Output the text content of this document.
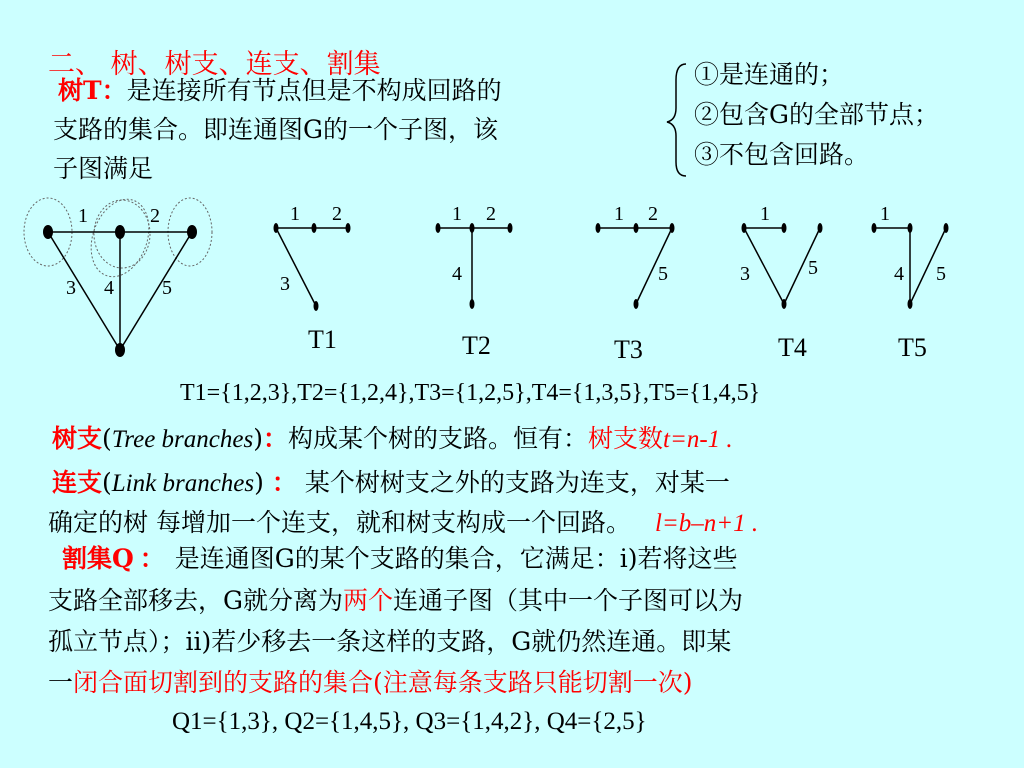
二、 树、树支、连支、割集
树T：是连接所有节点但是不构成回路的
支路的集合。即连通图G的一个子图，该
子图满足
①是连通的；
②包含G的全部节点；
③不包含回路。
1	2
3 4 5
1 2
3
T1
1 2
4
T2
1 2
5
T3
1
3	5
T4
1
4 5
T5
T1={1,2,3},T2={1,2,4},T3={1,2,5},T4={1,3,5},T5={1,4,5}
树支(Tree branches)：构成某个树的支路。恒有：树支数t=n-1 .
连支(Link branches) ： 某个树树支之外的支路为连支，对某一
确定的树 每增加一个连支，就和树支构成一个回路。 l=b–n+1 .
割集Q ： 是连通图G的某个支路的集合，它满足：i)若将这些
支路全部移去，G就分离为两个连通子图（其中一个子图可以为
孤立节点）；ii)若少移去一条这样的支路，G就仍然连通。即某
一闭合面切割到的支路的集合(注意每条支路只能切割一次)
Q1={1,3}, Q2={1,4,5}, Q3={1,4,2}, Q4={2,5}
